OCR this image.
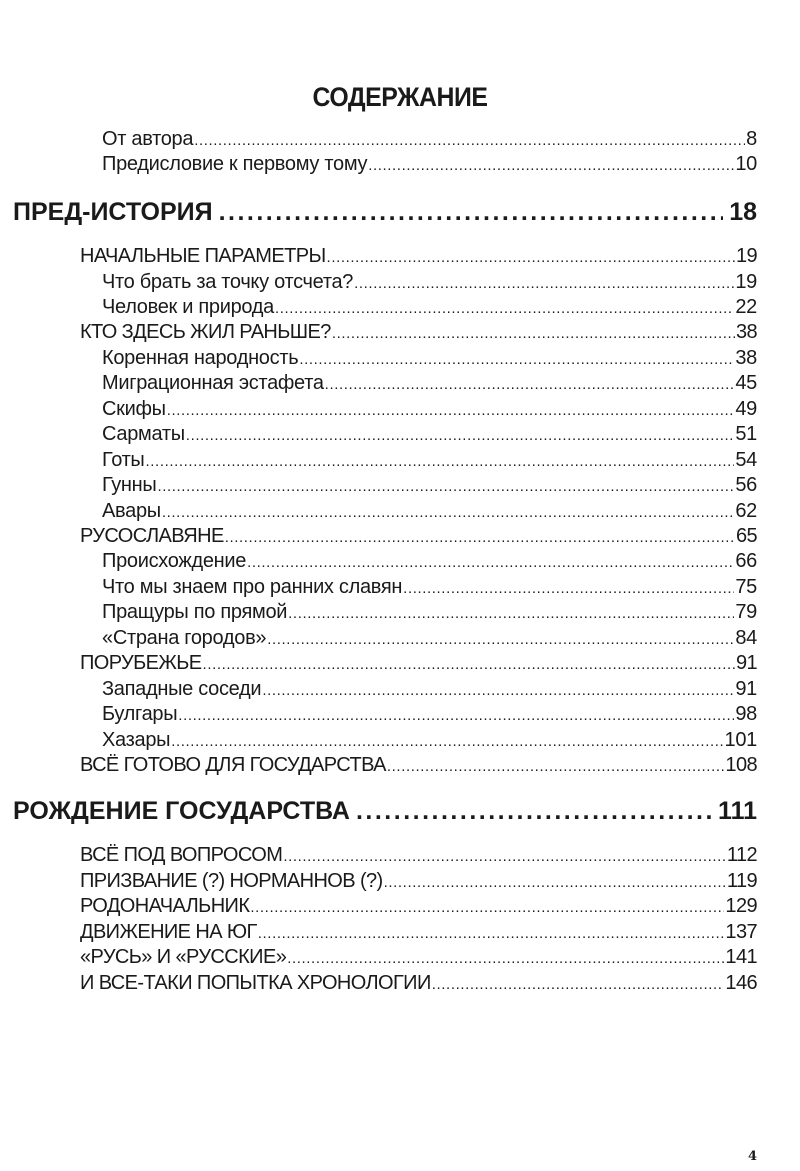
СОДЕРЖАНИЕ
От автора .....	8
Предисловие к первому тому .....	10
ПРЕД-ИСТОРИЯ .....	18
НАЧАЛЬНЫЕ ПАРАМЕТРЫ .....	19
Что брать за точку отсчета? .....	19
Человек и природа .....	22
КТО ЗДЕСЬ ЖИЛ РАНЬШЕ? .....	38
Коренная народность .....	38
Миграционная эстафета .....	45
Скифы .....	49
Сарматы .....	51
Готы .....	54
Гунны .....	56
Авары .....	62
РУСОСЛАВЯНЕ .....	65
Происхождение .....	66
Что мы знаем про ранних славян .....	75
Пращуры по прямой .....	79
«Страна городов» .....	84
ПОРУБЕЖЬЕ .....	91
Западные соседи .....	91
Булгары .....	98
Хазары .....	101
ВСЁ ГОТОВО ДЛЯ ГОСУДАРСТВА .....	108
РОЖДЕНИЕ ГОСУДАРСТВА .....	111
ВСЁ ПОД ВОПРОСОМ .....	112
ПРИЗВАНИЕ (?) НОРМАННОВ (?) .....	119
РОДОНАЧАЛЬНИК .....	129
ДВИЖЕНИЕ НА ЮГ .....	137
«РУСЬ» И «РУССКИЕ» .....	141
И ВСЕ-ТАКИ ПОПЫТКА ХРОНОЛОГИИ .....	146
4
